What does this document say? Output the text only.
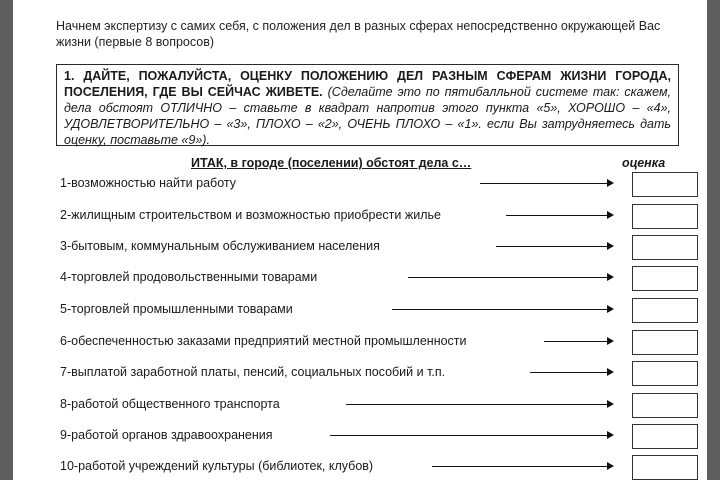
Начнем экспертизу с самих себя, с положения дел в разных сферах непосредственно окружающей Вас жизни (первые 8 вопросов)
1. ДАЙТЕ, ПОЖАЛУЙСТА, ОЦЕНКУ ПОЛОЖЕНИЮ ДЕЛ РАЗНЫМ СФЕРАМ ЖИЗНИ ГОРОДА, ПОСЕЛЕНИЯ, ГДЕ ВЫ СЕЙЧАС ЖИВЕТЕ. (Сделайте это по пятибалльной системе так: скажем, дела обстоят ОТЛИЧНО – ставьте в квадрат напротив этого пункта «5», ХОРОШО – «4», УДОВЛЕТВОРИТЕЛЬНО – «3», ПЛОХО – «2», ОЧЕНЬ ПЛОХО – «1». если Вы затрудняетесь дать оценку, поставьте «9»).
ИТАК, в городе (поселении) обстоят дела с…	оценка
1-возможностью найти работу
2-жилищным строительством и возможностью приобрести жилье
3-бытовым, коммунальным обслуживанием населения
4-торговлей продовольственными товарами
5-торговлей промышленными товарами
6-обеспеченностью заказами предприятий местной промышленности
7-выплатой заработной платы, пенсий, социальных пособий и т.п.
8-работой общественного транспорта
9-работой органов здравоохранения
10-работой учреждений культуры (библиотек, клубов)
